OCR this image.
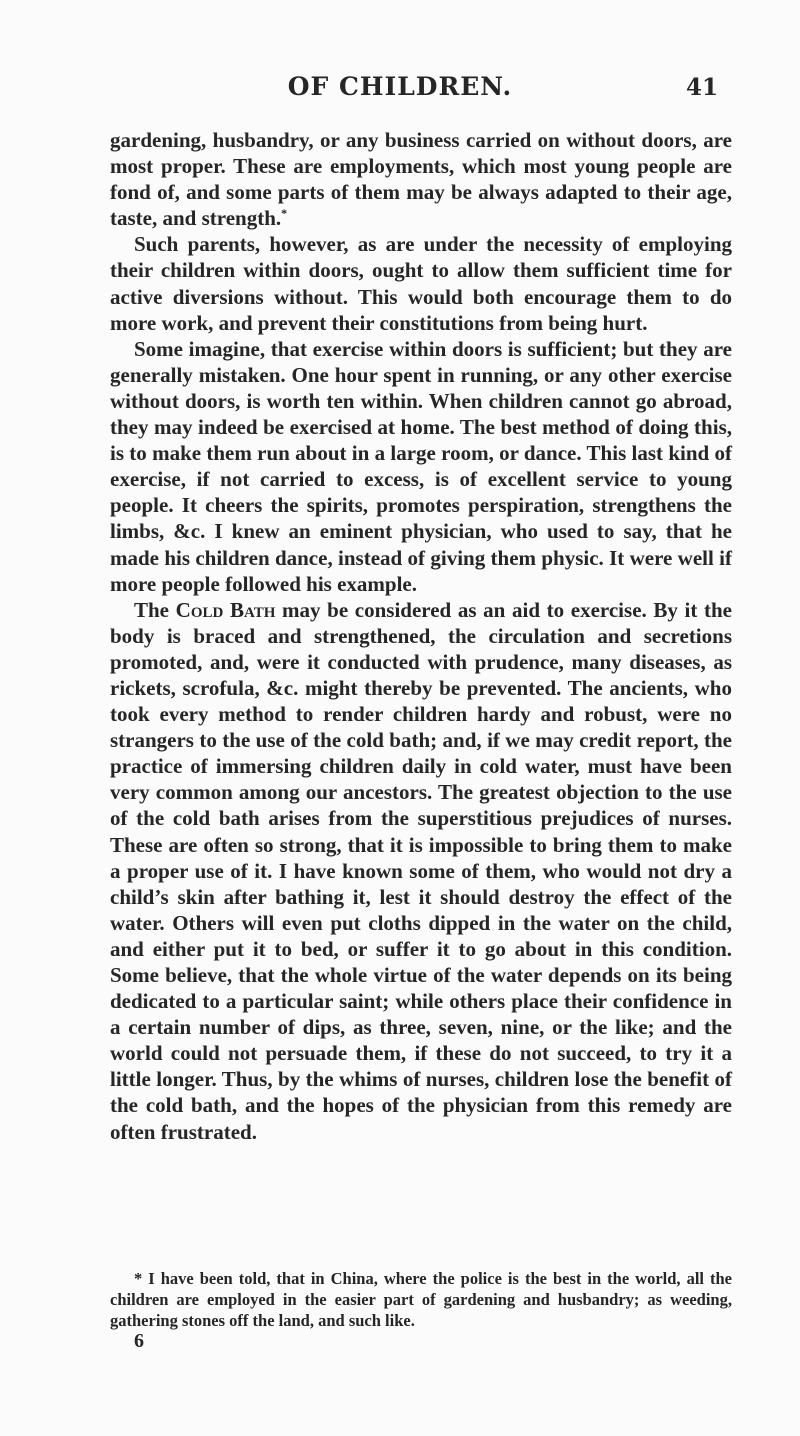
OF CHILDREN.	41

gardening, husbandry, or any business carried on without doors, are most proper. These are employments, which most young people are fond of, and some parts of them may be always adapted to their age, taste, and strength.*

Such parents, however, as are under the necessity of employing their children within doors, ought to allow them sufficient time for active diversions without. This would both encourage them to do more work, and prevent their constitutions from being hurt.

Some imagine, that exercise within doors is sufficient; but they are generally mistaken. One hour spent in running, or any other exercise without doors, is worth ten within. When children cannot go abroad, they may indeed be exercised at home. The best method of doing this, is to make them run about in a large room, or dance. This last kind of exercise, if not carried to excess, is of excellent service to young people. It cheers the spirits, promotes perspiration, strengthens the limbs, &c. I knew an eminent physician, who used to say, that he made his children dance, instead of giving them physic. It were well if more people followed his example.

The Cold Bath may be considered as an aid to exercise. By it the body is braced and strengthened, the circulation and secretions promoted, and, were it conducted with prudence, many diseases, as rickets, scrofula, &c. might thereby be prevented. The ancients, who took every method to render children hardy and robust, were no strangers to the use of the cold bath; and, if we may credit report, the practice of immersing children daily in cold water, must have been very common among our ancestors. The greatest objection to the use of the cold bath arises from the superstitious prejudices of nurses. These are often so strong, that it is impossible to bring them to make a proper use of it. I have known some of them, who would not dry a child’s skin after bathing it, lest it should destroy the effect of the water. Others will even put cloths dipped in the water on the child, and either put it to bed, or suffer it to go about in this condition. Some believe, that the whole virtue of the water depends on its being dedicated to a particular saint; while others place their confidence in a certain number of dips, as three, seven, nine, or the like; and the world could not persuade them, if these do not succeed, to try it a little longer. Thus, by the whims of nurses, children lose the benefit of the cold bath, and the hopes of the physician from this remedy are often frustrated.

* I have been told, that in China, where the police is the best in the world, all the children are employed in the easier part of gardening and husbandry; as weeding, gathering stones off the land, and such like.

6
